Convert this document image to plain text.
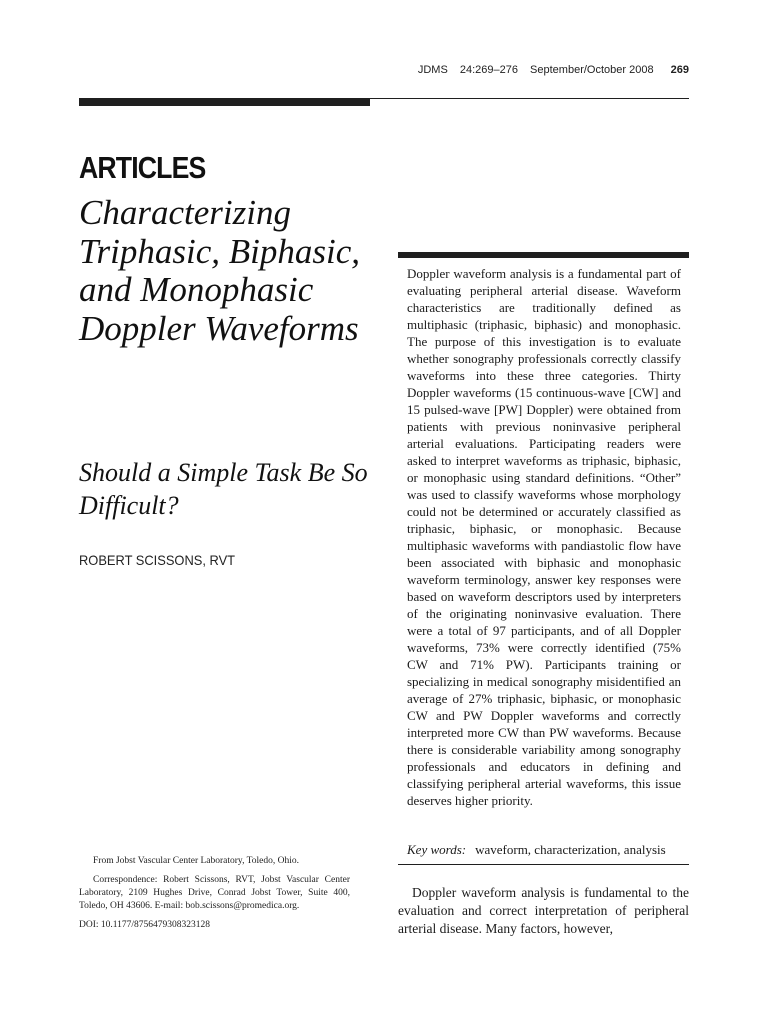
JDMS 24:269–276 September/October 2008 269
ARTICLES
Characterizing Triphasic, Biphasic, and Monophasic Doppler Waveforms
Should a Simple Task Be So Difficult?
ROBERT SCISSONS, RVT

Doppler waveform analysis is a fundamental part of evaluating peripheral arterial disease. Waveform characteristics are traditionally defined as multiphasic (triphasic, biphasic) and monophasic. The purpose of this investigation is to evaluate whether sonography professionals correctly classify waveforms into these three categories. Thirty Doppler waveforms (15 continuous-wave [CW] and 15 pulsed-wave [PW] Doppler) were obtained from patients with previous noninvasive peripheral arterial evaluations. Participating readers were asked to interpret waveforms as triphasic, biphasic, or monophasic using standard definitions. “Other” was used to classify waveforms whose morphology could not be determined or accurately classified as triphasic, biphasic, or monophasic. Because multiphasic waveforms with pandiastolic flow have been associated with biphasic and monophasic waveform terminology, answer key responses were based on waveform descriptors used by interpreters of the originating noninvasive evaluation. There were a total of 97 participants, and of all Doppler waveforms, 73% were correctly identified (75% CW and 71% PW). Participants training or specializing in medical sonography misidentified an average of 27% triphasic, biphasic, or monophasic CW and PW Doppler waveforms and correctly interpreted more CW than PW waveforms. Because there is considerable variability among sonography professionals and educators in defining and classifying peripheral arterial waveforms, this issue deserves higher priority.

Key words: waveform, characterization, analysis

From Jobst Vascular Center Laboratory, Toledo, Ohio.

Correspondence: Robert Scissons, RVT, Jobst Vascular Center Laboratory, 2109 Hughes Drive, Conrad Jobst Tower, Suite 400, Toledo, OH 43606. E-mail: bob.scissons@promedica.org.

DOI: 10.1177/8756479308323128

Doppler waveform analysis is fundamental to the evaluation and correct interpretation of peripheral arterial disease. Many factors, however,
